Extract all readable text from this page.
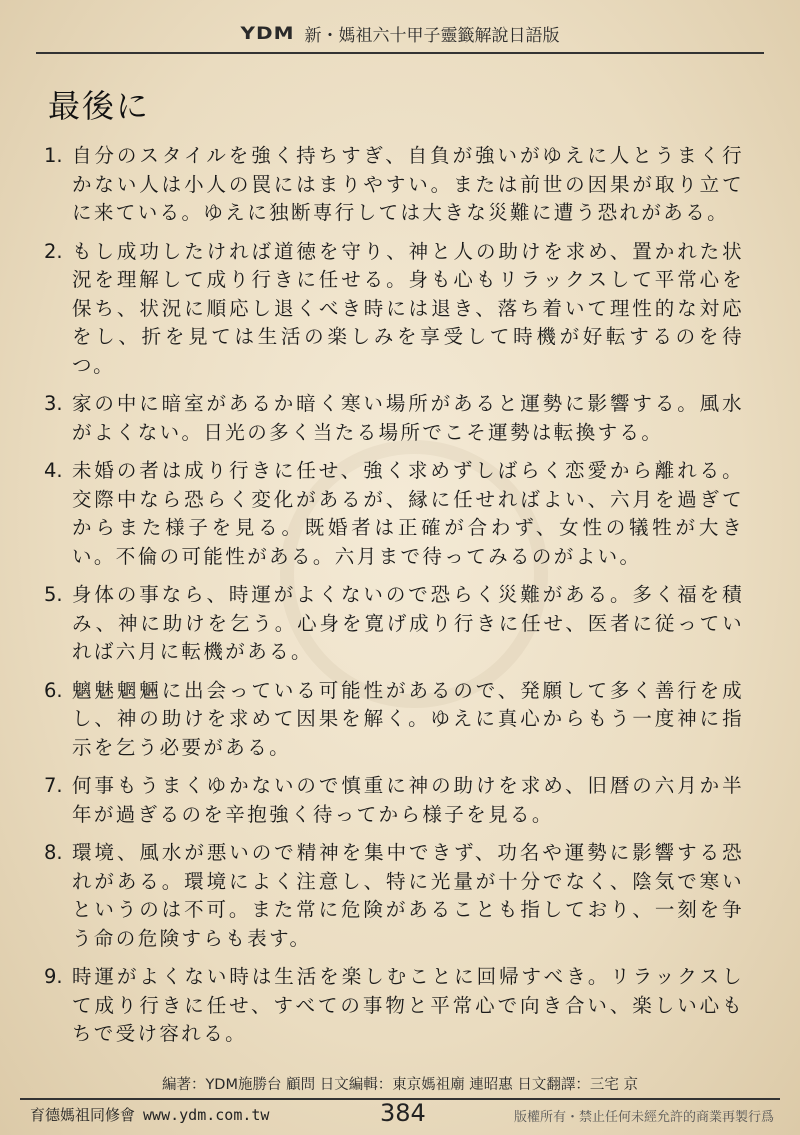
YDM 新・媽祖六十甲子靈籤解說日語版
最後に
1. 自分のスタイルを強く持ちすぎ、自負が強いがゆえに人とうまく行かない人は小人の罠にはまりやすい。または前世の因果が取り立てに来ている。ゆえに独断専行しては大きな災難に遭う恐れがある。
2. もし成功したければ道徳を守り、神と人の助けを求め、置かれた状況を理解して成り行きに任せる。身も心もリラックスして平常心を保ち、状況に順応し退くべき時には退き、落ち着いて理性的な対応をし、折を見ては生活の楽しみを享受して時機が好転するのを待つ。
3. 家の中に暗室があるか暗く寒い場所があると運勢に影響する。風水がよくない。日光の多く当たる場所でこそ運勢は転換する。
4. 未婚の者は成り行きに任せ、強く求めずしばらく恋愛から離れる。交際中なら恐らく変化があるが、縁に任せればよい、六月を過ぎてからまた様子を見る。既婚者は正確が合わず、女性の犠牲が大きい。不倫の可能性がある。六月まで待ってみるのがよい。
5. 身体の事なら、時運がよくないので恐らく災難がある。多く福を積み、神に助けを乞う。心身を寛げ成り行きに任せ、医者に従っていれば六月に転機がある。
6. 魑魅魍魎に出会っている可能性があるので、発願して多く善行を成し、神の助けを求めて因果を解く。ゆえに真心からもう一度神に指示を乞う必要がある。
7. 何事もうまくゆかないので慎重に神の助けを求め、旧暦の六月か半年が過ぎるのを辛抱強く待ってから様子を見る。
8. 環境、風水が悪いので精神を集中できず、功名や運勢に影響する恐れがある。環境によく注意し、特に光量が十分でなく、陰気で寒いというのは不可。また常に危険があることも指しており、一刻を争う命の危険すらも表す。
9. 時運がよくない時は生活を楽しむことに回帰すべき。リラックスして成り行きに任せ、すべての事物と平常心で向き合い、楽しい心もちで受け容れる。
編著：YDM施勝台 顧問 日文編輯：東京媽祖廟 連昭惠 日文翻譯：三宅 京
育德媽祖同修會 www.ydm.com.tw	384	版權所有・禁止任何未經允許的商業再製行爲
